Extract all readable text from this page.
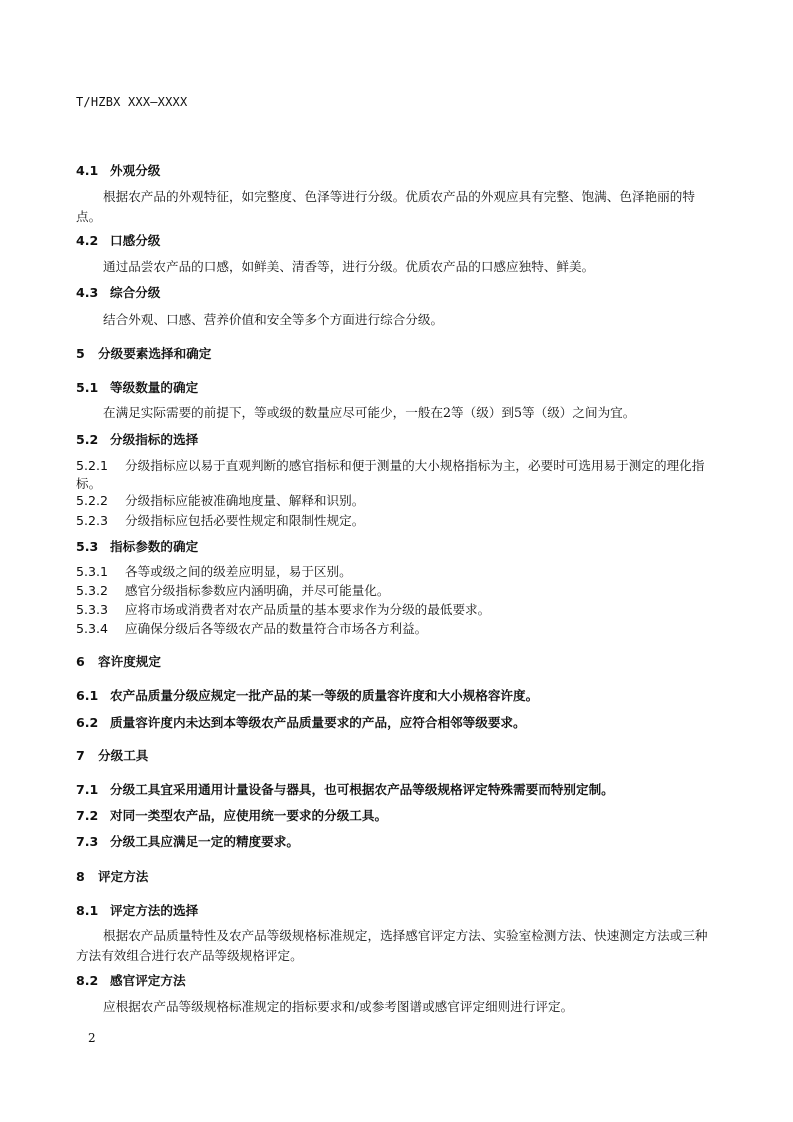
T/HZBX XXX—XXXX
4.1 外观分级
根据农产品的外观特征，如完整度、色泽等进行分级。优质农产品的外观应具有完整、饱满、色泽艳丽的特点。
4.2 口感分级
通过品尝农产品的口感，如鲜美、清香等，进行分级。优质农产品的口感应独特、鲜美。
4.3 综合分级
结合外观、口感、营养价值和安全等多个方面进行综合分级。
5 分级要素选择和确定
5.1 等级数量的确定
在满足实际需要的前提下，等或级的数量应尽可能少，一般在2等（级）到5等（级）之间为宜。
5.2 分级指标的选择
5.2.1 分级指标应以易于直观判断的感官指标和便于测量的大小规格指标为主，必要时可选用易于测定的理化指标。
5.2.2 分级指标应能被准确地度量、解释和识别。
5.2.3 分级指标应包括必要性规定和限制性规定。
5.3 指标参数的确定
5.3.1 各等或级之间的级差应明显，易于区别。
5.3.2 感官分级指标参数应内涵明确，并尽可能量化。
5.3.3 应将市场或消费者对农产品质量的基本要求作为分级的最低要求。
5.3.4 应确保分级后各等级农产品的数量符合市场各方利益。
6 容许度规定
6.1 农产品质量分级应规定一批产品的某一等级的质量容许度和大小规格容许度。
6.2 质量容许度内未达到本等级农产品质量要求的产品，应符合相邻等级要求。
7 分级工具
7.1 分级工具宜采用通用计量设备与器具，也可根据农产品等级规格评定特殊需要而特别定制。
7.2 对同一类型农产品，应使用统一要求的分级工具。
7.3 分级工具应满足一定的精度要求。
8 评定方法
8.1 评定方法的选择
根据农产品质量特性及农产品等级规格标准规定，选择感官评定方法、实验室检测方法、快速测定方法或三种方法有效组合进行农产品等级规格评定。
8.2 感官评定方法
应根据农产品等级规格标准规定的指标要求和/或参考图谱或感官评定细则进行评定。
2
